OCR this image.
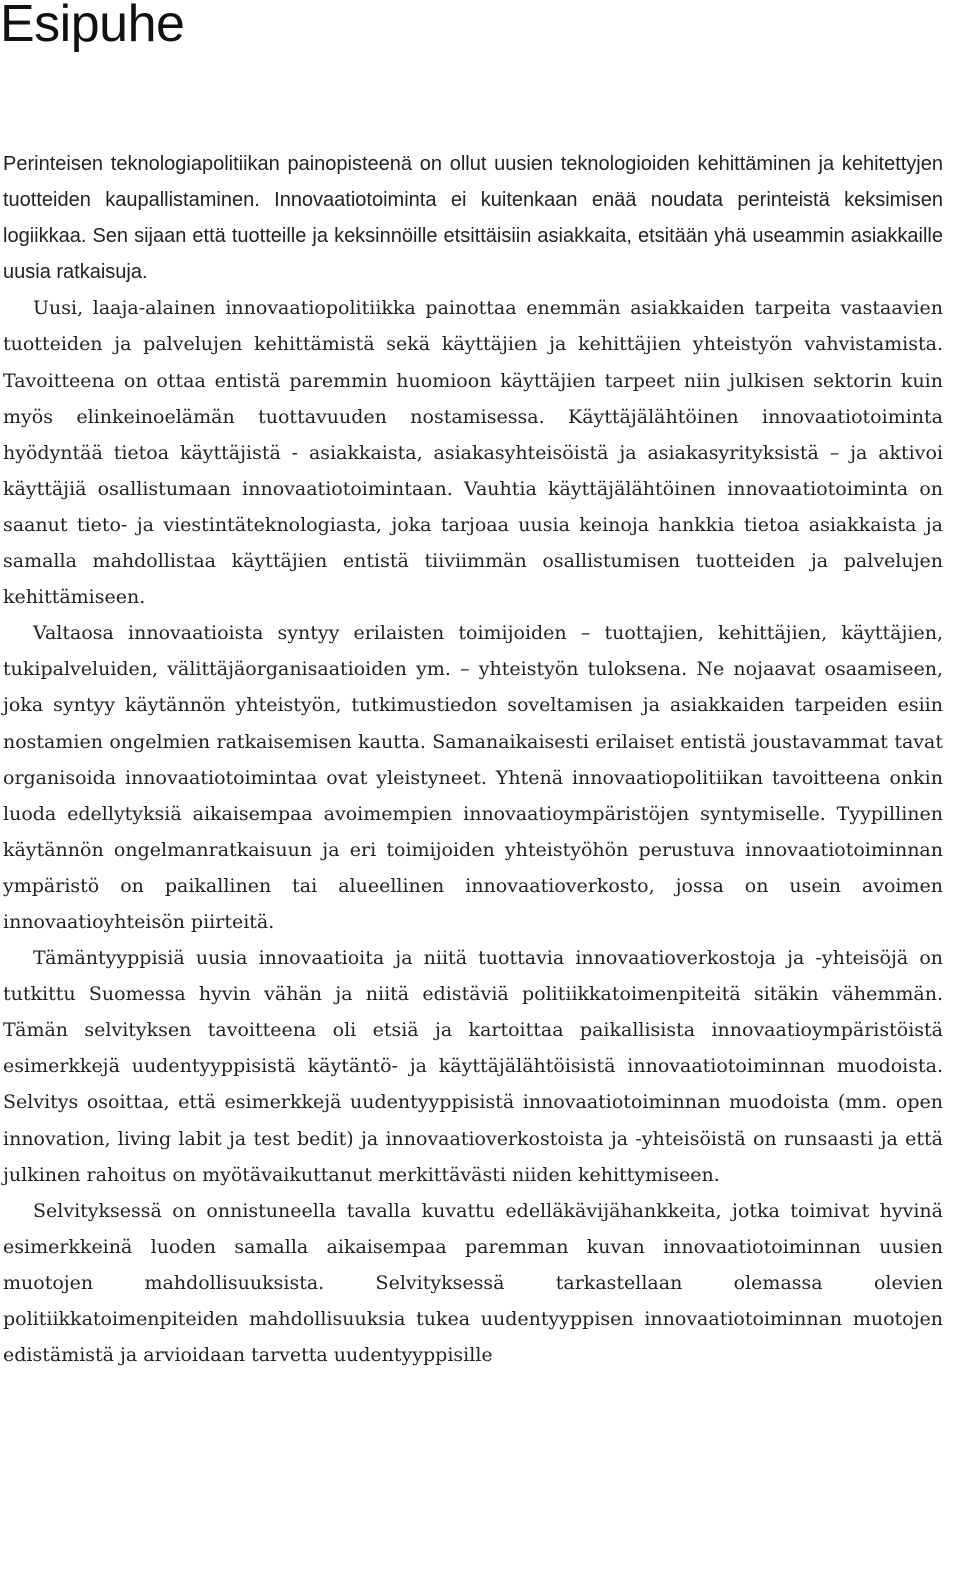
Esipuhe

Perinteisen teknologiapolitiikan painopisteenä on ollut uusien teknologioiden kehittäminen ja kehitettyjen tuotteiden kaupallistaminen. Innovaatiotoiminta ei kuitenkaan enää noudata perinteistä keksimisen logiikkaa. Sen sijaan että tuotteille ja keksinnöille etsittäisiin asiakkaita, etsitään yhä useammin asiakkaille uusia ratkaisuja.

Uusi, laaja-alainen innovaatiopolitiikka painottaa enemmän asiakkaiden tarpeita vastaavien tuotteiden ja palvelujen kehittämistä sekä käyttäjien ja kehittäjien yhteistyön vahvistamista. Tavoitteena on ottaa entistä paremmin huomioon käyttäjien tarpeet niin julkisen sektorin kuin myös elinkeinoelämän tuottavuuden nostamisessa. Käyttäjälähtöinen innovaatiotoiminta hyödyntää tietoa käyttäjistä - asiakkaista, asiakasyhteisöistä ja asiakasyrityksistä – ja aktivoi käyttäjiä osallistumaan innovaatiotoimintaan. Vauhtia käyttäjälähtöinen innovaatiotoiminta on saanut tieto- ja viestintäteknologiasta, joka tarjoaa uusia keinoja hankkia tietoa asiakkaista ja samalla mahdollistaa käyttäjien entistä tiiviimmän osallistumisen tuotteiden ja palvelujen kehittämiseen.

Valtaosa innovaatioista syntyy erilaisten toimijoiden – tuottajien, kehittäjien, käyttäjien, tukipalveluiden, välittäjäorganisaatioiden ym. – yhteistyön tuloksena. Ne nojaavat osaamiseen, joka syntyy käytännön yhteistyön, tutkimustiedon soveltamisen ja asiakkaiden tarpeiden esiin nostamien ongelmien ratkaisemisen kautta. Samanaikaisesti erilaiset entistä joustavammat tavat organisoida innovaatiotoimintaa ovat yleistyneet. Yhtenä innovaatiopolitiikan tavoitteena onkin luoda edellytyksiä aikaisempaa avoimempien innovaatioympäristöjen syntymiselle. Tyypillinen käytännön ongelmanratkaisuun ja eri toimijoiden yhteistyöhön perustuva innovaatiotoiminnan ympäristö on paikallinen tai alueellinen innovaatioverkosto, jossa on usein avoimen innovaatioyhteisön piirteitä.

Tämäntyyppisiä uusia innovaatioita ja niitä tuottavia innovaatioverkostoja ja -yhteisöjä on tutkittu Suomessa hyvin vähän ja niitä edistäviä politiikkatoimenpiteitä sitäkin vähemmän. Tämän selvityksen tavoitteena oli etsiä ja kartoittaa paikallisista innovaatioympäristöistä esimerkkejä uudentyyppisistä käytäntö- ja käyttäjälähtöisistä innovaatiotoiminnan muodoista. Selvitys osoittaa, että esimerkkejä uudentyyppisistä innovaatiotoiminnan muodoista (mm. open innovation, living labit ja test bedit) ja innovaatioverkostoista ja -yhteisöistä on runsaasti ja että julkinen rahoitus on myötävaikuttanut merkittävästi niiden kehittymiseen.

Selvityksessä on onnistuneella tavalla kuvattu edelläkävijähankkeita, jotka toimivat hyvinä esimerkkeinä luoden samalla aikaisempaa paremman kuvan innovaatiotoiminnan uusien muotojen mahdollisuuksista. Selvityksessä tarkastellaan olemassa olevien politiikkatoimenpiteiden mahdollisuuksia tukea uudentyyppisen innovaatiotoiminnan muotojen edistämistä ja arvioidaan tarvetta uudentyyppisille
